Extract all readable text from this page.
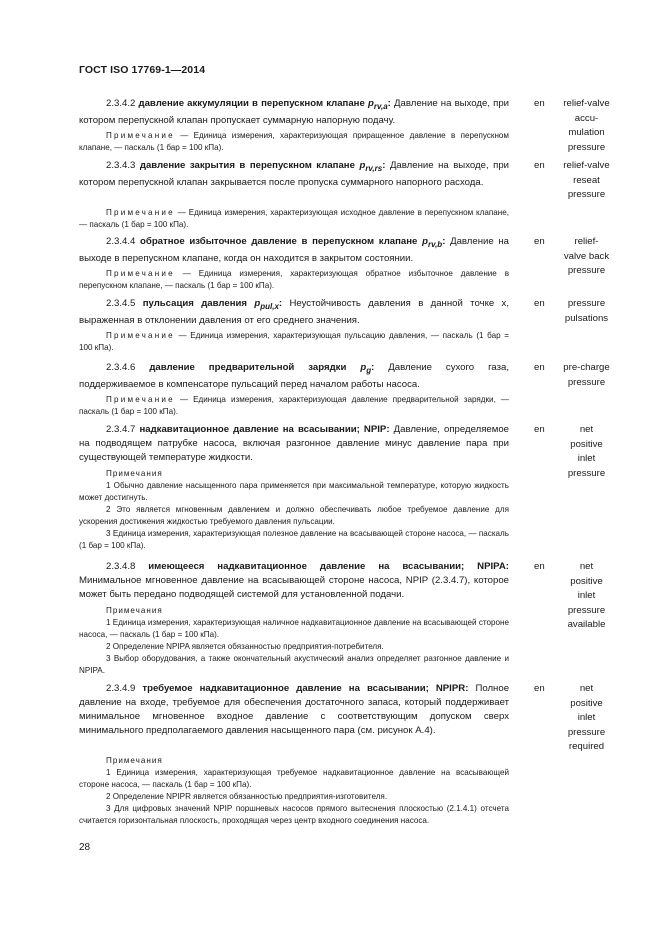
ГОСТ ISO 17769-1—2014
2.3.4.2 давление аккумуляции в перепускном клапане $p_{rv,a}$: Давление на выходе, при котором перепускной клапан пропускает суммарную напорную подачу.
en	relief-valve
accu-
mulation
pressure
Примечание — Единица измерения, характеризующая приращенное давление в перепускном клапане, — паскаль (1 бар = 100 кПа).
2.3.4.3 давление закрытия в перепускном клапане $p_{rv,rs}$: Давление на выходе, при котором перепускной клапан закрывается после пропуска суммарного напорного расхода.
en	relief-valve
reseat
pressure
Примечание — Единица измерения, характеризующая исходное давление в перепускном клапане, — паскаль (1 бар = 100 кПа).
2.3.4.4 обратное избыточное давление в перепускном клапане $p_{rv,b}$: Давление на выходе в перепускном клапане, когда он находится в закрытом состоянии.
en	relief-
valve back
pressure
Примечание — Единица измерения, характеризующая обратное избыточное давление в перепускном клапане, — паскаль (1 бар = 100 кПа).
2.3.4.5 пульсация давления $p_{pul,x}$: Неустойчивость давления в данной точке x, выраженная в отклонении давления от его среднего значения.
en	pressure
pulsations
Примечание — Единица измерения, характеризующая пульсацию давления, — паскаль (1 бар = 100 кПа).
2.3.4.6 давление предварительной зарядки $p_g$: Давление сухого газа, поддерживаемое в компенсаторе пульсаций перед началом работы насоса.
en	pre-charge
pressure
Примечание — Единица измерения, характеризующая давление предварительной зарядки, — паскаль (1 бар = 100 кПа).
2.3.4.7 надкавитационное давление на всасывании; NPIP: Давление, определяемое на подводящем патрубке насоса, включая разгонное давление минус давление пара при существующей температуре жидкости.
en	net
positive
inlet
pressure
Примечания
1 Обычно давление насыщенного пара применяется при максимальной температуре, которую жидкость может достигнуть.
2 Это является мгновенным давлением и должно обеспечивать любое требуемое давление для ускорения достижения жидкостью требуемого давления пульсации.
3 Единица измерения, характеризующая полезное давление на всасывающей стороне насоса, — паскаль (1 бар = 100 кПа).
2.3.4.8 имеющееся надкавитационное давление на всасывании; NPIPA: Минимальное мгновенное давление на всасывающей стороне насоса, NPIP (2.3.4.7), которое может быть передано подводящей системой для установленной подачи.
en	net
positive
inlet
pressure
available
Примечания
1 Единица измерения, характеризующая наличное надкавитационное давление на всасывающей стороне насоса, — паскаль (1 бар = 100 кПа).
2 Определение NPIPA является обязанностью предприятия-потребителя.
3 Выбор оборудования, а также окончательный акустический анализ определяет разгонное давление и NPIPA.
2.3.4.9 требуемое надкавитационное давление на всасывании; NPIPR: Полное давление на входе, требуемое для обеспечения достаточного запаса, который поддерживает минимальное мгновенное входное давление с соответствующим допуском сверх минимального предполагаемого давления насыщенного пара (см. рисунок А.4).
en	net
positive
inlet
pressure
required
Примечания
1 Единица измерения, характеризующая требуемое надкавитационное давление на всасывающей стороне насоса, — паскаль (1 бар = 100 кПа).
2 Определение NPIPR является обязанностью предприятия-изготовителя.
3 Для цифровых значений NPIP поршневых насосов прямого вытеснения плоскостью (2.1.4.1) отсчета считается горизонтальная плоскость, проходящая через центр входного соединения насоса.
28
